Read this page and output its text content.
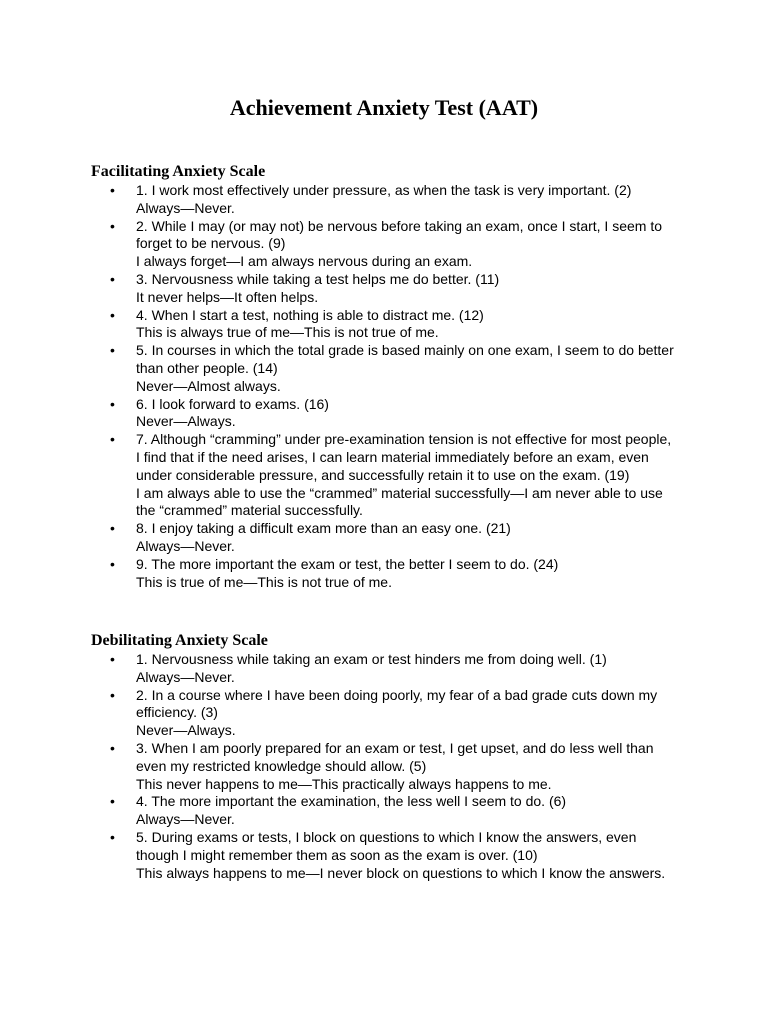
Achievement Anxiety Test (AAT)
Facilitating Anxiety Scale
• 1. I work most effectively under pressure, as when the task is very important. (2)
Always—Never.
• 2. While I may (or may not) be nervous before taking an exam, once I start, I seem to forget to be nervous. (9)
I always forget—I am always nervous during an exam.
• 3. Nervousness while taking a test helps me do better. (11)
It never helps—It often helps.
• 4. When I start a test, nothing is able to distract me. (12)
This is always true of me—This is not true of me.
• 5. In courses in which the total grade is based mainly on one exam, I seem to do better than other people. (14)
Never—Almost always.
• 6. I look forward to exams. (16)
Never—Always.
• 7. Although “cramming” under pre-examination tension is not effective for most people, I find that if the need arises, I can learn material immediately before an exam, even under considerable pressure, and successfully retain it to use on the exam. (19)
I am always able to use the “crammed” material successfully—I am never able to use the “crammed” material successfully.
• 8. I enjoy taking a difficult exam more than an easy one. (21)
Always—Never.
• 9. The more important the exam or test, the better I seem to do. (24)
This is true of me—This is not true of me.
Debilitating Anxiety Scale
• 1. Nervousness while taking an exam or test hinders me from doing well. (1)
Always—Never.
• 2. In a course where I have been doing poorly, my fear of a bad grade cuts down my efficiency. (3)
Never—Always.
• 3. When I am poorly prepared for an exam or test, I get upset, and do less well than even my restricted knowledge should allow. (5)
This never happens to me—This practically always happens to me.
• 4. The more important the examination, the less well I seem to do. (6)
Always—Never.
• 5. During exams or tests, I block on questions to which I know the answers, even though I might remember them as soon as the exam is over. (10)
This always happens to me—I never block on questions to which I know the answers.
